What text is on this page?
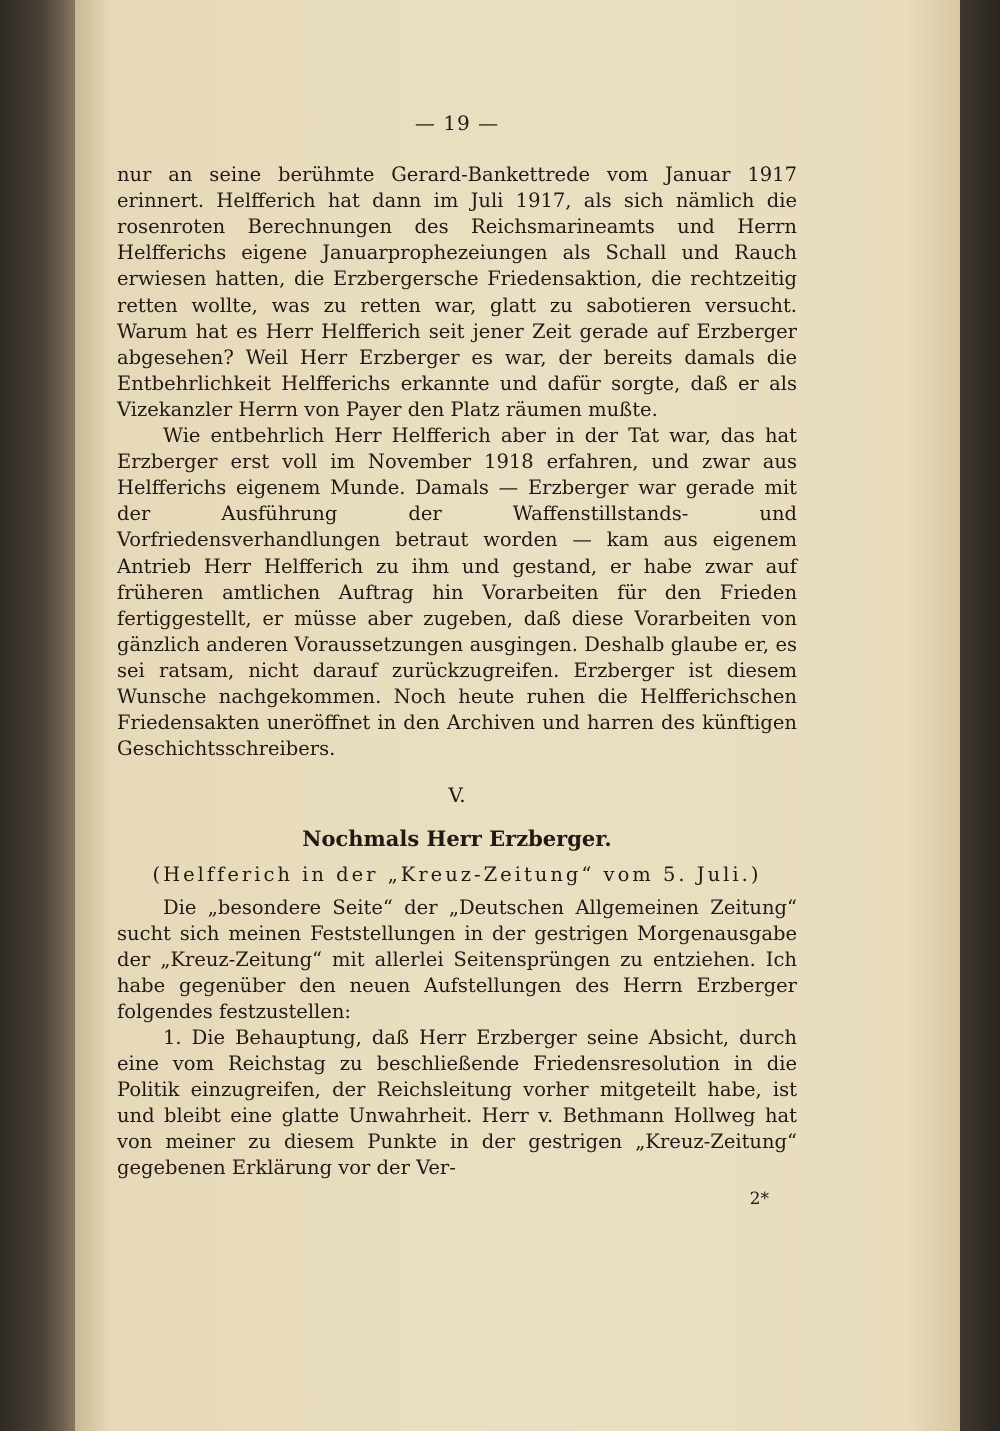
— 19 —

nur an seine berühmte Gerard-Bankettrede vom Januar 1917 erinnert. Helfferich hat dann im Juli 1917, als sich nämlich die rosenroten Berechnungen des Reichsmarineamts und Herrn Helfferichs eigene Januarprophezeiungen als Schall und Rauch erwiesen hatten, die Erzbergersche Friedensaktion, die rechtzeitig retten wollte, was zu retten war, glatt zu sabotieren versucht. Warum hat es Herr Helfferich seit jener Zeit gerade auf Erzberger abgesehen? Weil Herr Erzberger es war, der bereits damals die Entbehrlichkeit Helfferichs erkannte und dafür sorgte, daß er als Vizekanzler Herrn von Payer den Platz räumen mußte.

Wie entbehrlich Herr Helfferich aber in der Tat war, das hat Erzberger erst voll im November 1918 erfahren, und zwar aus Helfferichs eigenem Munde. Damals — Erzberger war gerade mit der Ausführung der Waffenstillstands- und Vorfriedensverhandlungen betraut worden — kam aus eigenem Antrieb Herr Helfferich zu ihm und gestand, er habe zwar auf früheren amtlichen Auftrag hin Vorarbeiten für den Frieden fertiggestellt, er müsse aber zugeben, daß diese Vorarbeiten von gänzlich anderen Voraussetzungen ausgingen. Deshalb glaube er, es sei ratsam, nicht darauf zurückzugreifen. Erzberger ist diesem Wunsche nachgekommen. Noch heute ruhen die Helfferichschen Friedensakten uneröffnet in den Archiven und harren des künftigen Geschichtsschreibers.

V.
Nochmals Herr Erzberger.
(Helfferich in der „Kreuz-Zeitung“ vom 5. Juli.)

Die „besondere Seite“ der „Deutschen Allgemeinen Zeitung“ sucht sich meinen Feststellungen in der gestrigen Morgenausgabe der „Kreuz-Zeitung“ mit allerlei Seitensprüngen zu entziehen. Ich habe gegenüber den neuen Aufstellungen des Herrn Erzberger folgendes festzustellen:

1. Die Behauptung, daß Herr Erzberger seine Absicht, durch eine vom Reichstag zu beschließende Friedensresolution in die Politik einzugreifen, der Reichsleitung vorher mitgeteilt habe, ist und bleibt eine glatte Unwahrheit. Herr v. Bethmann Hollweg hat von meiner zu diesem Punkte in der gestrigen „Kreuz-Zeitung“ gegebenen Erklärung vor der Ver-

2*
